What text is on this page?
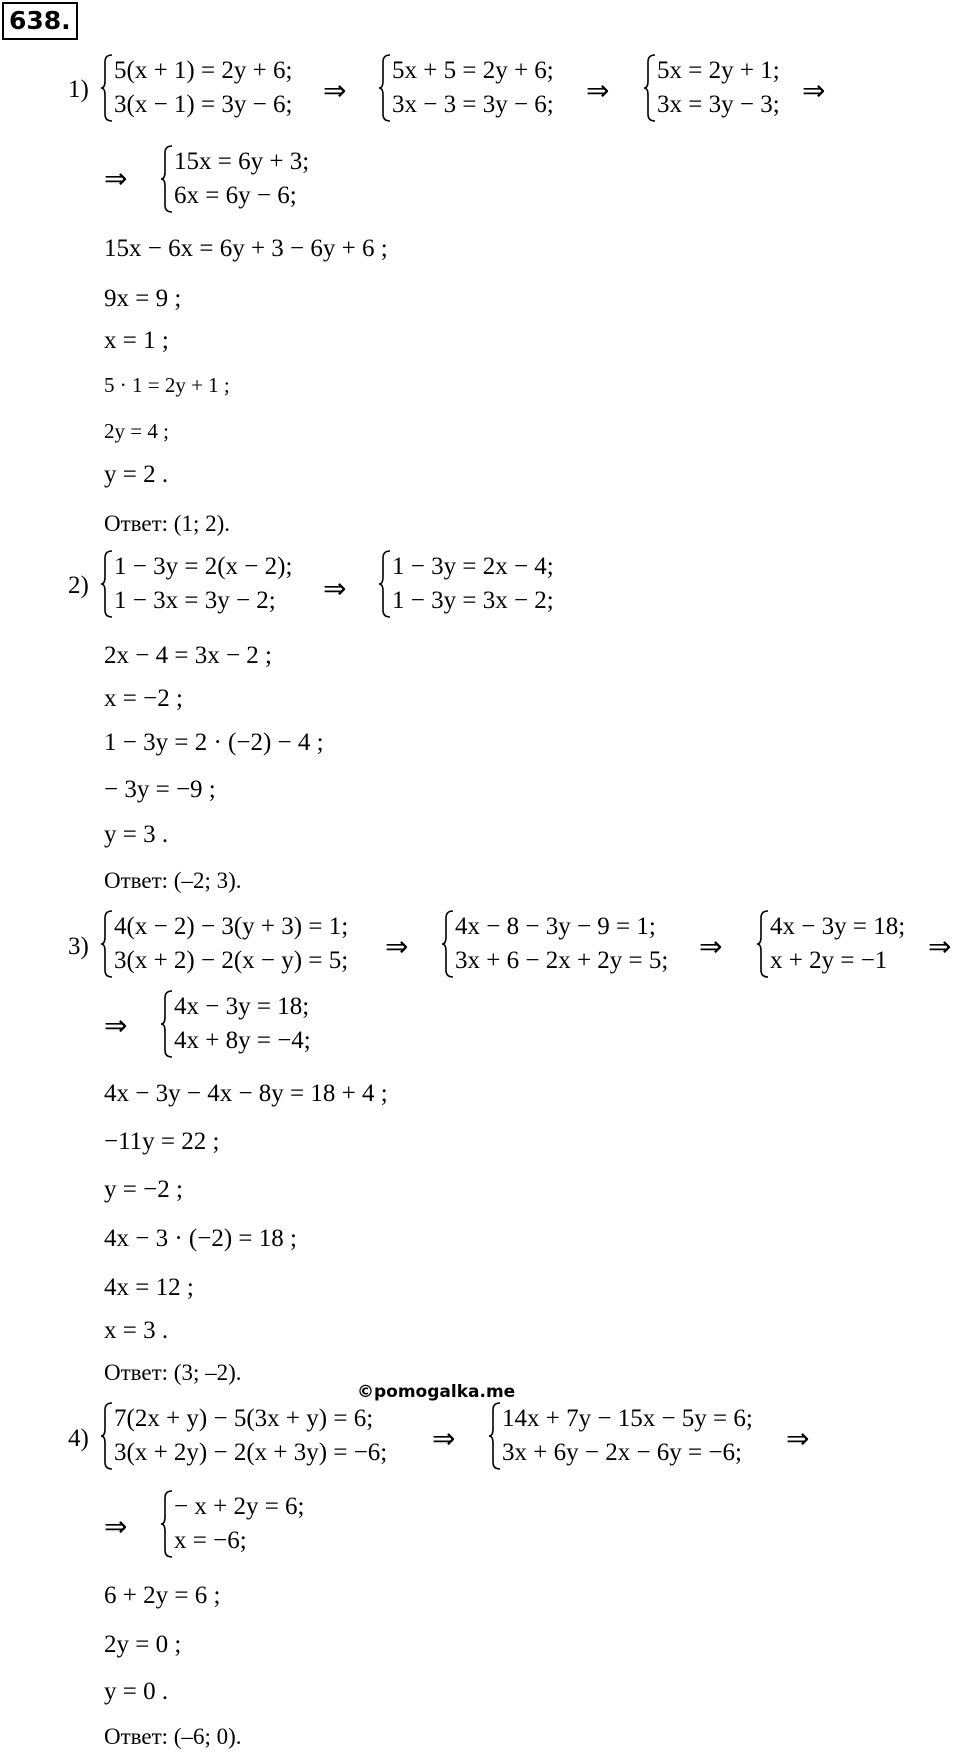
638.
1)
5(x + 1) = 2y + 6;
3(x − 1) = 3y − 6; ⇒
5x + 5 = 2y + 6;
3x − 3 = 3y − 6; ⇒
5x = 2y + 1;
3x = 3y − 3; ⇒
⇒
15x = 6y + 3;
6x = 6y − 6;
15x − 6x = 6y + 3 − 6y + 6 ;
9x = 9 ;
x = 1 ;
5 · 1 = 2y + 1 ;
2y = 4 ;
y = 2 .
Ответ: (1; 2).
2)
1 − 3y = 2(x − 2);
1 − 3x = 3y − 2;	⇒
1 − 3y = 2x − 4;
1 − 3y = 3x − 2;
2x − 4 = 3x − 2 ;
x = −2 ;
1 − 3y = 2 · (−2) − 4 ;
− 3y = −9 ;
y = 3 .
Ответ: (–2; 3).
3)
4(x − 2) − 3(y + 3) = 1;
3(x + 2) − 2(x − y) = 5; ⇒
4x − 8 − 3y − 9 = 1;
3x + 6 − 2x + 2y = 5; ⇒
4x − 3y = 18;
x + 2y = −1	⇒
⇒
4x − 3y = 18;
4x + 8y = −4;
4x − 3y − 4x − 8y = 18 + 4 ;
−11y = 22 ;
y = −2 ;
4x − 3 · (−2) = 18 ;
4x = 12 ;
x = 3 .
Ответ: (3; –2).
©pomogalka.me
4)
7(2x + y) − 5(3x + y) = 6;
3(x + 2y) − 2(x + 3y) = −6; ⇒
14x + 7y − 15x − 5y = 6;
3x + 6y − 2x − 6y = −6;	⇒
⇒
− x + 2y = 6;
x = −6;
6 + 2y = 6 ;
2y = 0 ;
y = 0 .
Ответ: (–6; 0).
